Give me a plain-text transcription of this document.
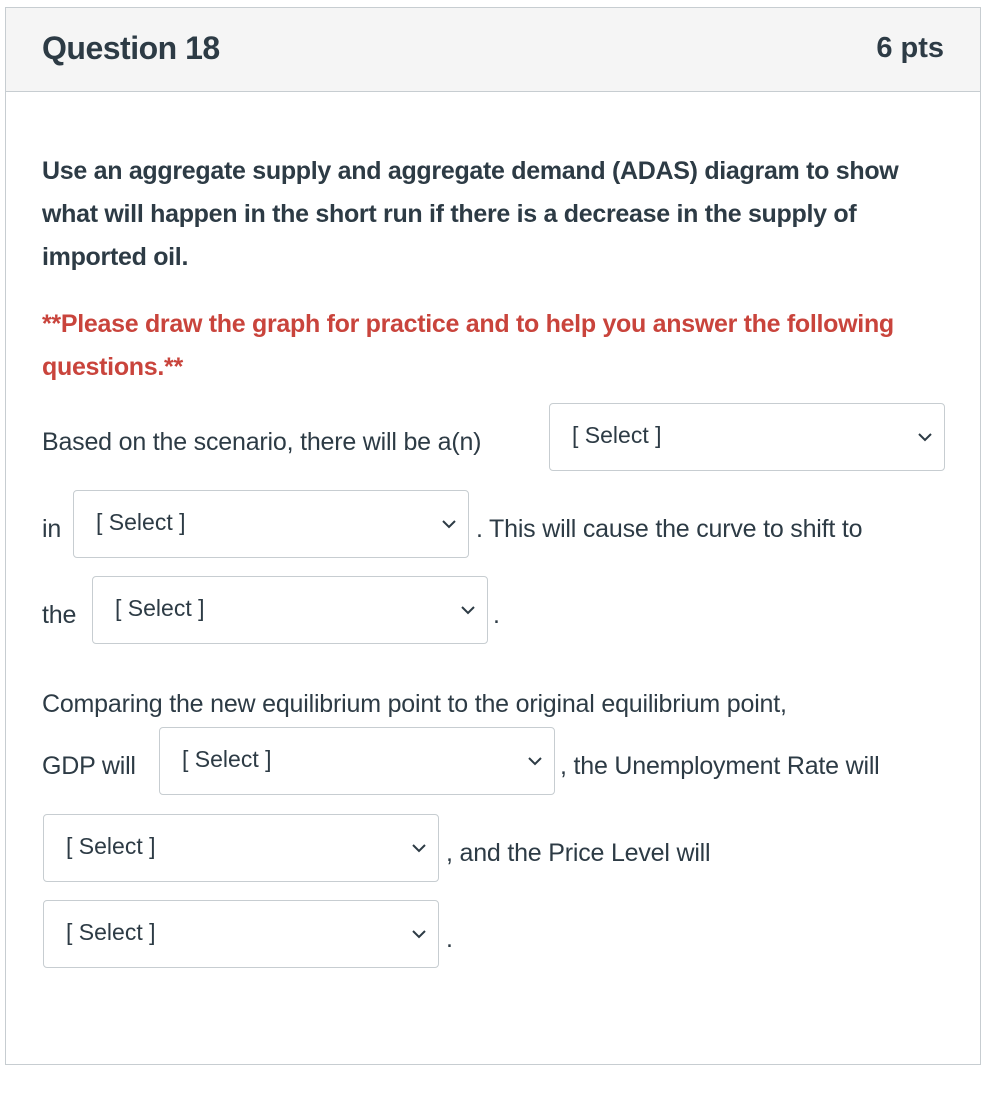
Question 18	6 pts
Use an aggregate supply and aggregate demand (ADAS) diagram to show what will happen in the short run if there is a decrease in the supply of imported oil.
**Please draw the graph for practice and to help you answer the following questions.**
Based on the scenario, there will be a(n)	[ Select ]
in [ Select ]	. This will cause the curve to shift to
the [ Select ]	.
Comparing the new equilibrium point to the original equilibrium point,
GDP will [ Select ]	, the Unemployment Rate will
[ Select ]	, and the Price Level will
[ Select ]	.
